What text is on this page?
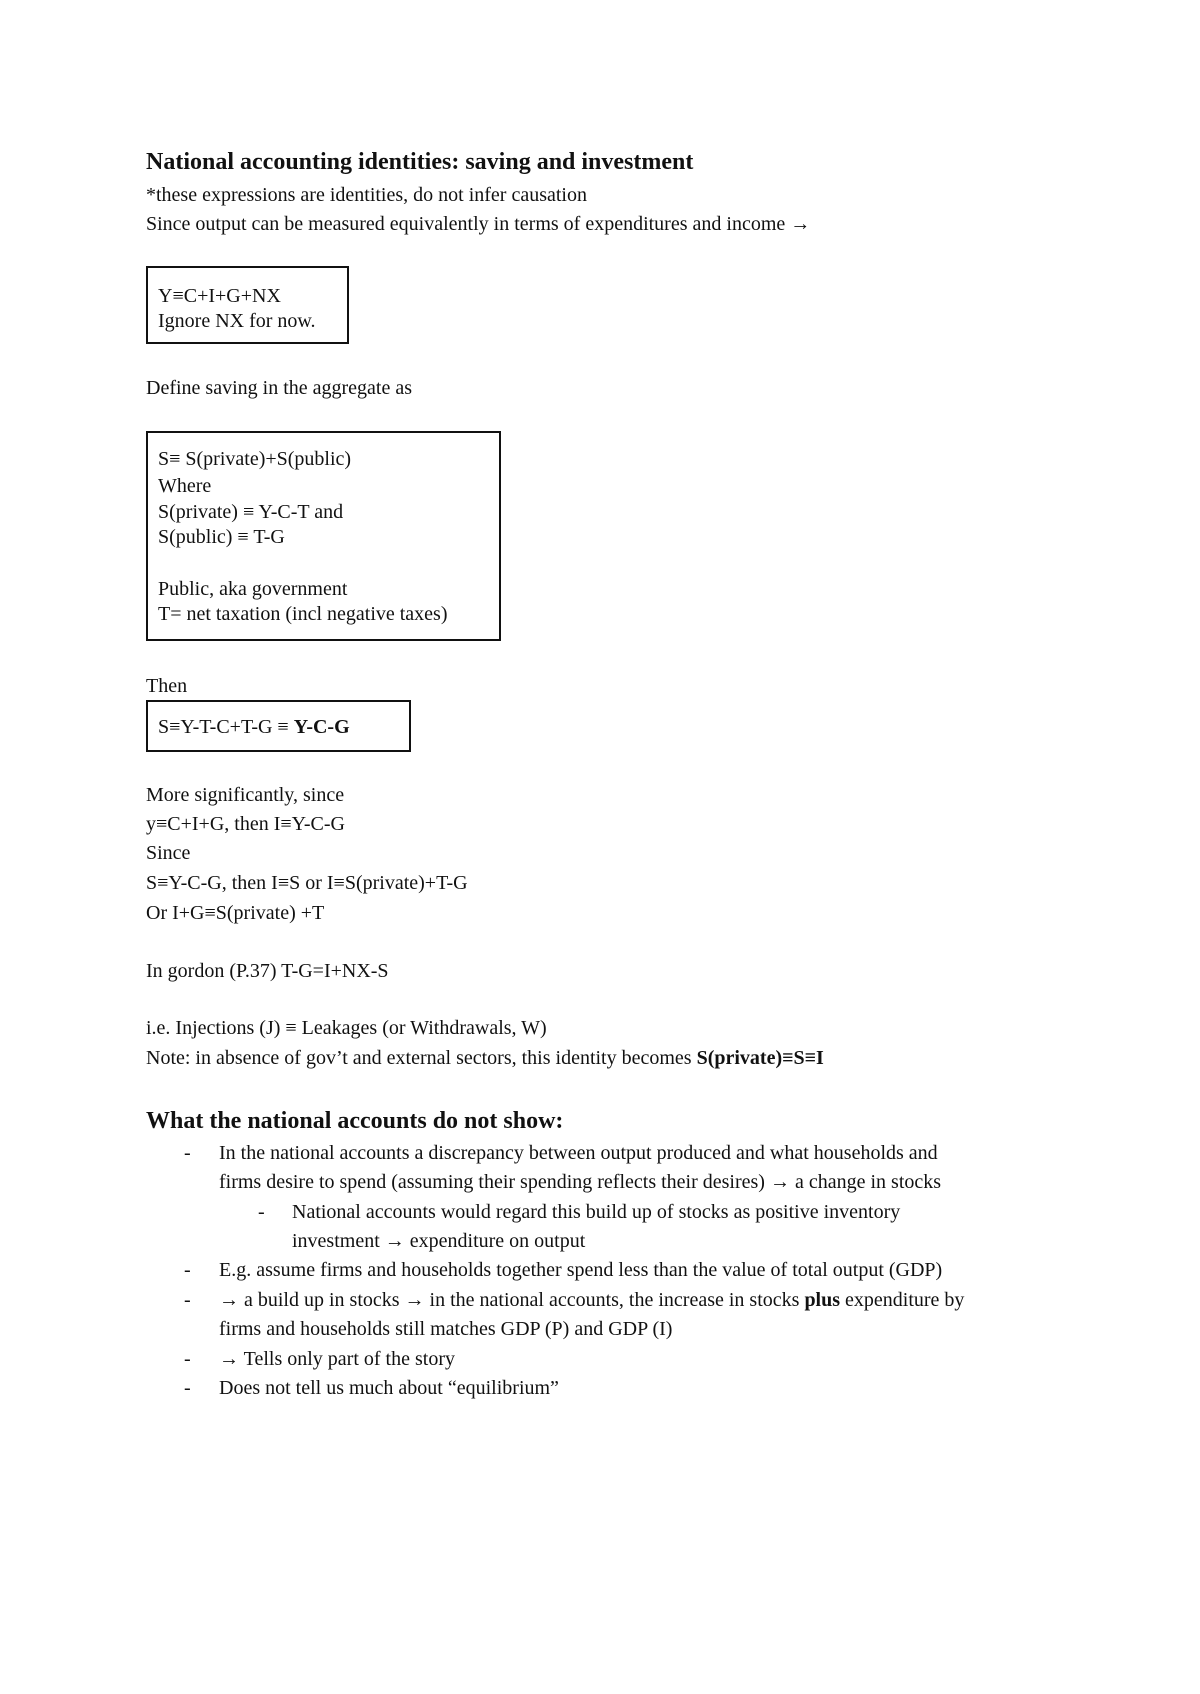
National accounting identities: saving and investment
*these expressions are identities, do not infer causation
Since output can be measured equivalently in terms of expenditures and income →
Y≡C+I+G+NX
Ignore NX for now.
Define saving in the aggregate as
S≡ S(private)+S(public)
Where
S(private) ≡ Y-C-T and
S(public) ≡ T-G
Public, aka government
T= net taxation (incl negative taxes)
Then
S≡Y-T-C+T-G ≡ Y-C-G
More significantly, since
y≡C+I+G, then I≡Y-C-G
Since
S≡Y-C-G, then I≡S or I≡S(private)+T-G
Or I+G≡S(private) +T
In gordon (P.37) T-G=I+NX-S
i.e. Injections (J) ≡ Leakages (or Withdrawals, W)
Note: in absence of gov’t and external sectors, this identity becomes S(private)≡S≡I
What the national accounts do not show:
- In the national accounts a discrepancy between output produced and what households and
firms desire to spend (assuming their spending reflects their desires) → a change in stocks
- National accounts would regard this build up of stocks as positive inventory
investment → expenditure on output
- E.g. assume firms and households together spend less than the value of total output (GDP)
- → a build up in stocks → in the national accounts, the increase in stocks plus expenditure by
firms and households still matches GDP (P) and GDP (I)
- → Tells only part of the story
- Does not tell us much about “equilibrium”
